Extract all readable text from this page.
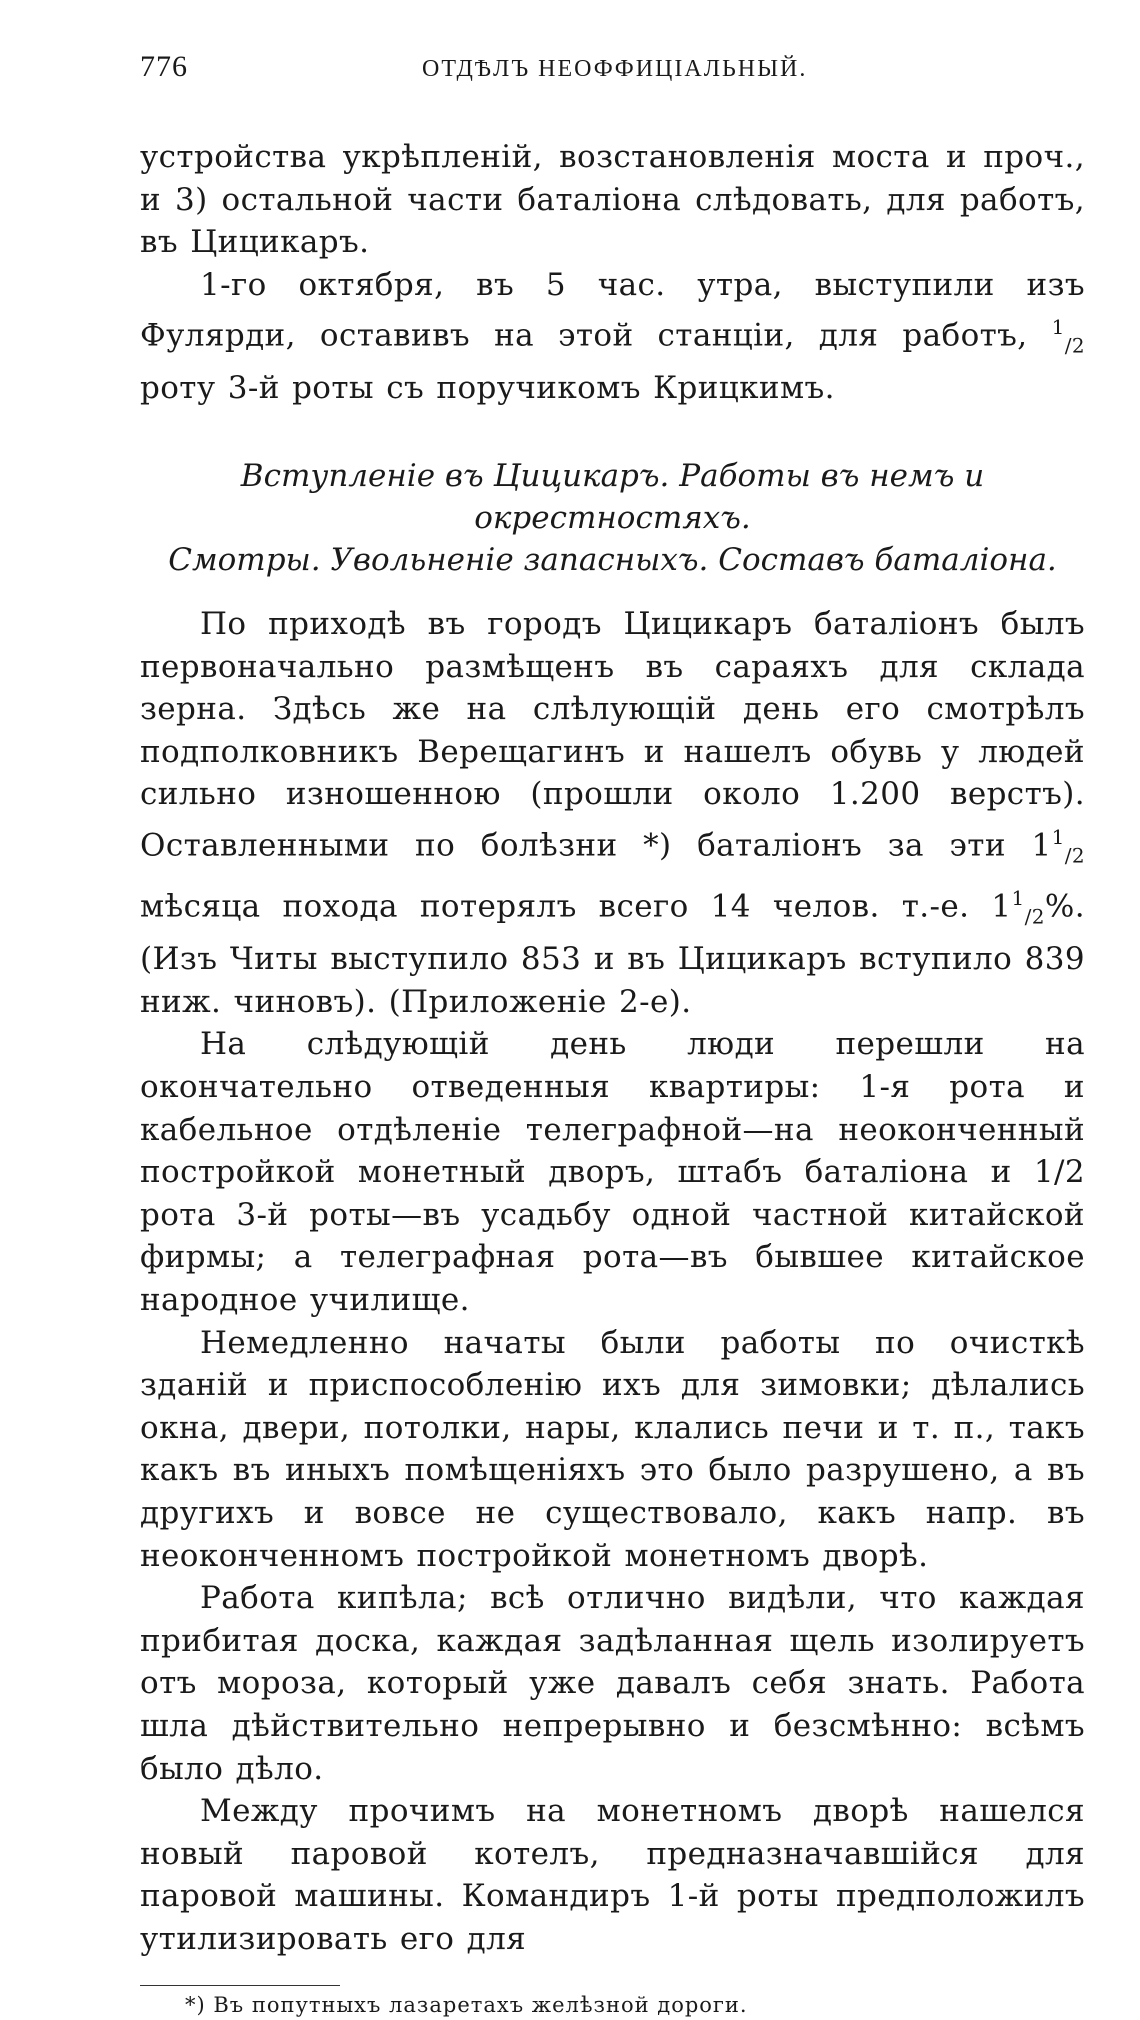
776	ОТДѢЛЪ НЕОФФИЦІАЛЬНЫЙ.

устройства укрѣпленій, возстановленія моста и проч., и 3) остальной части баталіона слѣдовать, для работъ, въ Цицикаръ.

1-го октября, въ 5 час. утра, выступили изъ Фулярди, оставивъ на этой станціи, для работъ, $^1_{/2}$ роту 3-й роты съ поручикомъ Крицкимъ.

Вступленіе въ Цицикаръ. Работы въ немъ и окрестностяхъ.
Смотры. Увольненіе запасныхъ. Составъ баталіона.

По приходѣ въ городъ Цицикаръ баталіонъ былъ первоначально размѣщенъ въ сараяхъ для склада зерна. Здѣсь же на слѣлующій день его смотрѣлъ подполковникъ Верещагинъ и нашелъ обувь у людей сильно изношенною (прошли около 1.200 верстъ). Оставленными по болѣзни *) баталіонъ за эти $1^1_{/2}$ мѣсяца похода потерялъ всего 14 челов. т.-е. $1^1_{/2}\%$. (Изъ Читы выступило 853 и въ Цицикаръ вступило 839 ниж. чиновъ). (Приложеніе 2-е).

На слѣдующій день люди перешли на окончательно отведенныя квартиры: 1-я рота и кабельное отдѣленіе телеграфной—на неоконченный постройкой монетный дворъ, штабъ баталіона и 1/2 рота 3-й роты—въ усадьбу одной частной китайской фирмы; а телеграфная рота—въ бывшее китайское народное училище.

Немедленно начаты были работы по очисткѣ зданій и приспособленію ихъ для зимовки; дѣлались окна, двери, потолки, нары, клались печи и т. п., такъ какъ въ иныхъ помѣщеніяхъ это было разрушено, а въ другихъ и вовсе не существовало, какъ напр. въ неоконченномъ постройкой монетномъ дворѣ.

Работа кипѣла; всѣ отлично видѣли, что каждая прибитая доска, каждая задѣланная щель изолируетъ отъ мороза, который уже давалъ себя знать. Работа шла дѣйствительно непрерывно и безсмѣнно: всѣмъ было дѣло.

Между прочимъ на монетномъ дворѣ нашелся новый паровой котелъ, предназначавшійся для паровой машины. Командиръ 1-й роты предположилъ утилизировать его для

*) Въ попутныхъ лазаретахъ желѣзной дороги.
